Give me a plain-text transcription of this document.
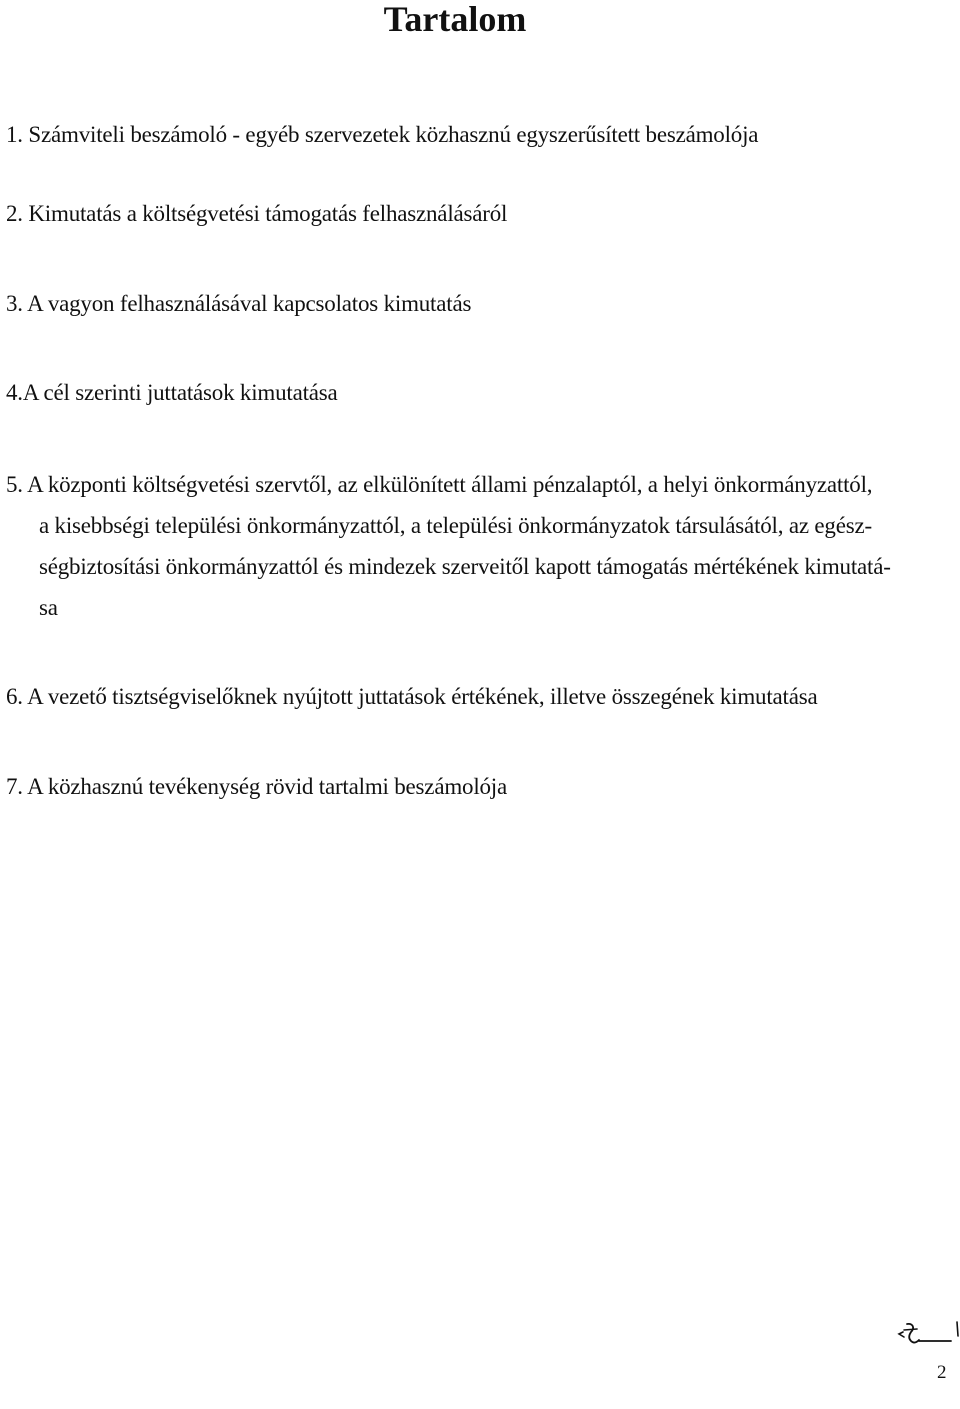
Tartalom
1. Számviteli beszámoló - egyéb szervezetek közhasznú egyszerűsített beszámolója
2. Kimutatás a költségvetési támogatás felhasználásáról
3. A vagyon felhasználásával kapcsolatos kimutatás
4.A cél szerinti juttatások kimutatása
5. A központi költségvetési szervtől, az elkülönített állami pénzalaptól, a helyi önkormányzattól,
a kisebbségi települési önkormányzattól, a települési önkormányzatok társulásától, az egész-
ségbiztosítási önkormányzattól és mindezek szerveitől kapott támogatás mértékének kimutatá-
sa
6. A vezető tisztségviselőknek nyújtott juttatások értékének, illetve összegének kimutatása
7. A közhasznú tevékenység rövid tartalmi beszámolója
2
